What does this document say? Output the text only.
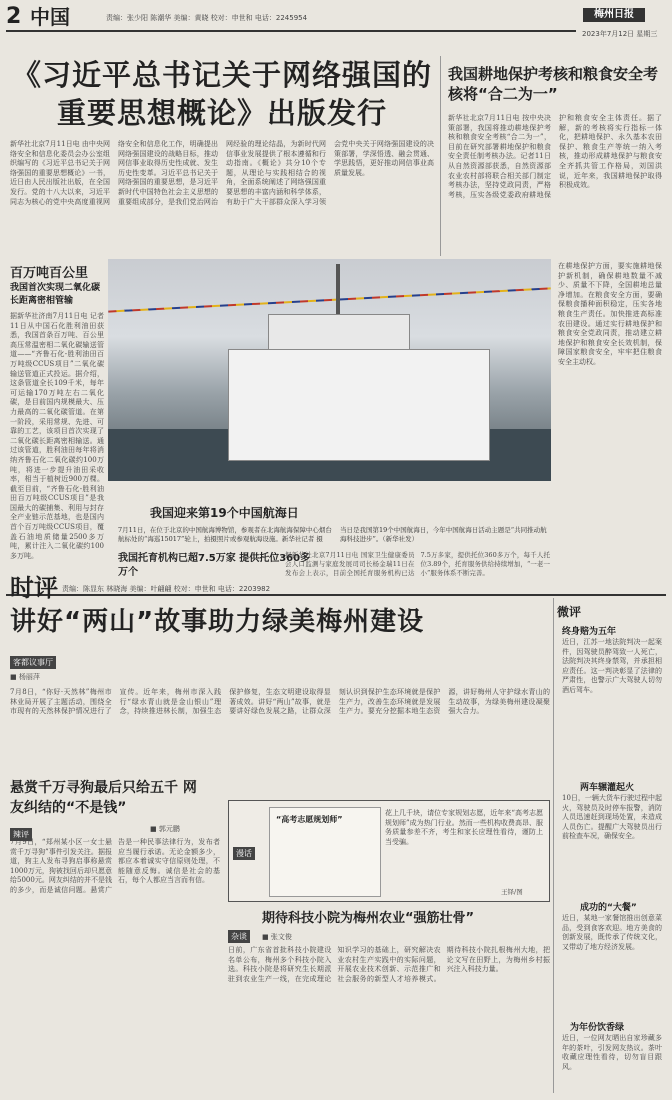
2 中国	责编：张少阳 陈潮华 美编：黄晓 校对：申世和 电话：2245954	梅州日报
2023年7月12日 星期三
《习近平总书记关于网络强国的重要思想概论》出版发行
新华社北京7月11日电 由中央网络安全和信息化委员会办公室组织编写的《习近平总书记关于网络强国的重要思想概论》一书，近日由人民出版社出版，在全国发行。党的十八大以来，习近平同志为核心的党中央高度重视网络安全和信息化工作，明确提出网络强国建设的战略目标，推动网信事业取得历史性成就、发生历史性变革。习近平总书记关于网络强国的重要思想，是习近平新时代中国特色社会主义思想的重要组成部分，是我们党治网治网经验的理论结晶，为新时代网信事业发展提供了根本遵循和行动指南。《概论》共分10个专题，从理论与实践相结合的视角，全面系统阐述了网络强国重要思想的丰富内涵和科学体系，有助于广大干部群众深入学习领会党中央关于网络强国建设的决策部署，学深悟透、融会贯通、学思践悟，更好推动网信事业高质量发展。
我国耕地保护考核和粮食安全考核将“合二为一”
新华社北京7月11日电 按中央决策部署，我国将推动耕地保护考核和粮食安全考核“合二为一”，目前在研究部署耕地保护和粮食安全责任制考核办法。记者11日从自然资源部获悉，自然资源部农业农村部将联合相关部门制定考核办法，坚持党政同责，严格考核，压实各级党委政府耕地保护和粮食安全主体责任。据了解，新的考核将实行指标一体化，把耕地保护、永久基本农田保护、粮食生产等统一纳入考核，推动形成耕地保护与粮食安全齐抓共管工作格局，刘国洪说，近年来，我国耕地保护取得积极成效。
百万吨百公里
我国首次实现二氧化碳长距离密相管输
据新华社济南7月11日电 记者11日从中国石化胜利油田获悉，我国首条百万吨、百公里高压常温密相二氧化碳输送管道——“齐鲁石化-胜利油田百万吨级CCUS项目”二氧化碳输送管道正式投运。据介绍，这条管道全长109千米，每年可运输170万吨左右二氧化碳，是目前国内规模最大、压力最高的二氧化碳管道。在第一阶段，采用常规、先进、可靠的工艺，该项目首次实现了二氧化碳长距离密相输送。通过该管道，胜利油田每年将消纳齐鲁石化二氧化碳约100万吨，将进一步提升油田采收率，相当于植树近900万棵。截至目前，“齐鲁石化-胜利油田百万吨级CCUS项目”是我国最大的碳捕集、利用与封存全产业链示范基地，也是国内首个百万吨级CCUS项目，覆盖石油地质储量2500多万吨，累计注入二氧化碳约100多万吨。
我国迎来第19个中国航海日
7月11日，在位于北京的中国航海博物馆，参观者在北海航海保障中心烟台航标处的“海巡15017”轮上，拍摄照片或参观航海设施。新华社记者 摄
当日是我国第19个中国航海日，今年中国航海日活动主题是“共同推动航海科技进步”。（新华社发）
在耕地保护方面，要实施耕地保护新机制，确保耕地数量不减少、质量不下降，全国耕地总量净增加。在粮食安全方面，要确保粮食播种面积稳定，压实各地粮食生产责任。加快推进高标准农田建设。通过实行耕地保护和粮食安全党政同责，推动建立耕地保护和粮食安全长效机制，保障国家粮食安全，牢牢把住粮食安全主动权。
我国托育机构已超7.5万家 提供托位360多万个
据新华社北京7月11日电 国家卫生健康委员会人口监测与家庭发展司司长杨金瑞11日在发布会上表示，目前全国托育服务机构已达7.5万多家，提供托位360多万个，每千人托位3.89个，托育服务供给持续增加，“一老一小”服务体系不断完善。
时评 责编：陈显东 林晓海 美编：叶翩翩 校对：申世和 电话：2203982
讲好“两山”故事助力绿美梅州建设
客都议事厅
■ 杨丽萍
7月8日，“你好·天然林”梅州市林业局开展了主题活动，围绕全市现有的天然林保护情况进行了宣传。近年来，梅州市深入践行“绿水青山就是金山银山”理念，持续推进林长制，加强生态保护修复，生态文明建设取得显著成效。讲好“两山”故事，就是要讲好绿色发展之路，让群众深刻认识到保护生态环境就是保护生产力，改善生态环境就是发展生产力。要充分挖掘本地生态资源，讲好梅州人守护绿水青山的生动故事，为绿美梅州建设凝聚强大合力。
微评
终身赔为五年
近日，江苏一地法院判决一起案件，因驾驶员醉驾致一人死亡，法院判决其终身禁驾，并承担相应责任。这一判决彰显了法律的严肃性，也警示广大驾驶人切勿酒后驾车。
两车辗灌起火
10日，一辆大货车行驶过程中起火，驾驶员及时停车报警，消防人员迅速赶到现场处置，未造成人员伤亡。提醒广大驾驶员出行前检查车况，确保安全。
成功的“大餐”
近日，某地一家餐馆推出创意菜品，受到食客欢迎。地方美食的创新发展，既传承了传统文化，又带动了地方经济发展。
为年份饮香绿
近日，一位网友晒出自家珍藏多年的茶叶，引发网友热议。茶叶收藏应理性看待，切勿盲目跟风。
悬赏千万寻狗最后只给五千 网友纠结的“不是钱”
辣评
■ 郭元鹏
7月9日，“郑州某小区一女士悬赏千万寻狗”事件引发关注。据报道，狗主人发布寻狗启事称悬赏1000万元，狗被找回后却只愿意给5000元。网友纠结的并不是钱的多少，而是诚信问题。悬赏广告是一种民事法律行为，发布者应当履行承诺。无论金额多少，都应本着诚实守信原则处理，不能随意反悔。诚信是社会的基石，每个人都应当言而有信。
漫话
“高考志愿规划师”
花上几千块，请位专家规划志愿，近年来“高考志愿规划师”成为热门行业。然而一些机构收费高昂、服务质量参差不齐，考生和家长应理性看待，谨防上当受骗。
王铎/图
杂谈
期待科技小院为梅州农业“强筋壮骨”
■ 张文俊
日前，广东省首批科技小院建设名单公布，梅州多个科技小院入选。科技小院是将研究生长期派驻到农业生产一线，在完成理论知识学习的基础上，研究解决农业农村生产实践中的实际问题，开展农业技术创新、示范推广和社会服务的新型人才培养模式。期待科技小院扎根梅州大地，把论文写在田野上，为梅州乡村振兴注入科技力量。
